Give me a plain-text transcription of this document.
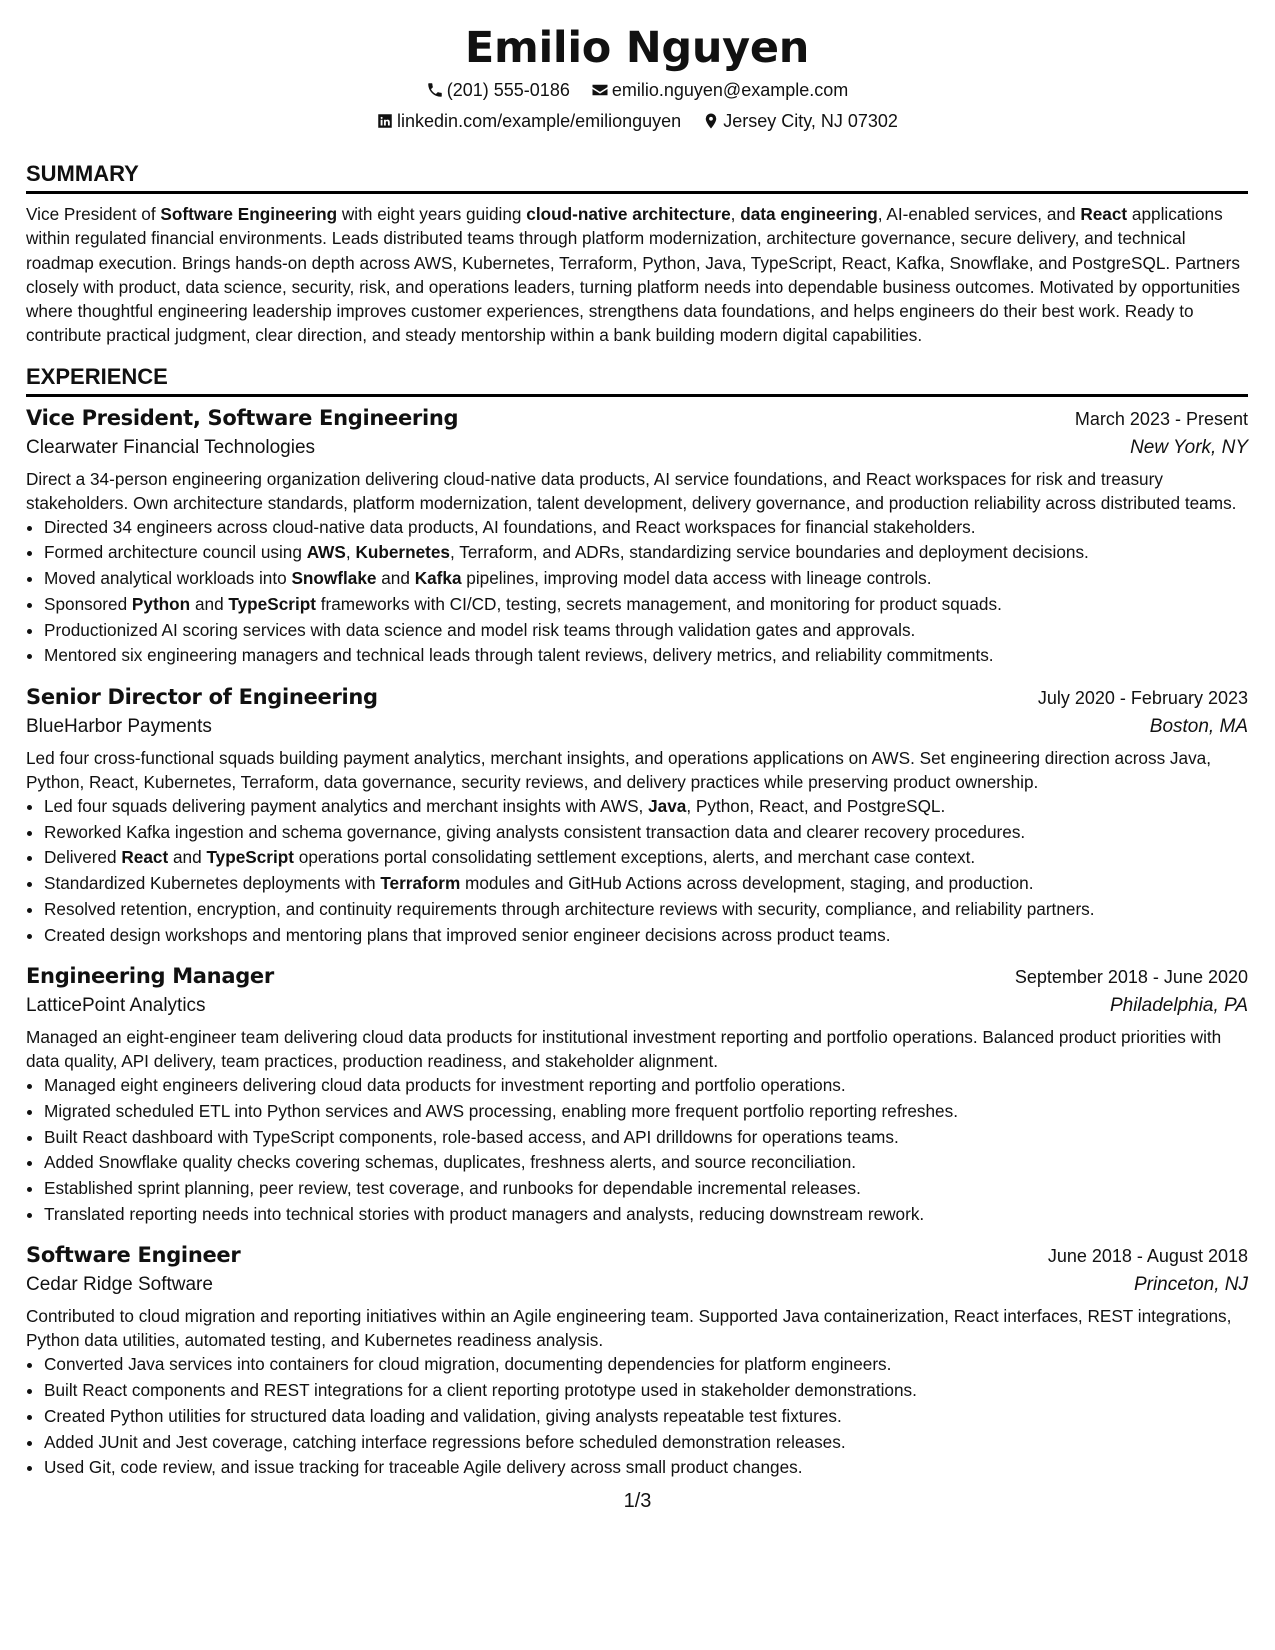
Emilio Nguyen
(201) 555-0186 emilio.nguyen@example.com
linkedin.com/example/emilionguyen Jersey City, NJ 07302
SUMMARY
Vice President of Software Engineering with eight years guiding cloud-native architecture, data engineering, AI-enabled services, and React applications within regulated financial environments. Leads distributed teams through platform modernization, architecture governance, secure delivery, and technical roadmap execution. Brings hands-on depth across AWS, Kubernetes, Terraform, Python, Java, TypeScript, React, Kafka, Snowflake, and PostgreSQL. Partners closely with product, data science, security, risk, and operations leaders, turning platform needs into dependable business outcomes. Motivated by opportunities where thoughtful engineering leadership improves customer experiences, strengthens data foundations, and helps engineers do their best work. Ready to contribute practical judgment, clear direction, and steady mentorship within a bank building modern digital capabilities.
EXPERIENCE
Vice President, Software Engineering	March 2023 - Present
Clearwater Financial Technologies	New York, NY
Direct a 34-person engineering organization delivering cloud-native data products, AI service foundations, and React workspaces for risk and treasury stakeholders. Own architecture standards, platform modernization, talent development, delivery governance, and production reliability across distributed teams.
• Directed 34 engineers across cloud-native data products, AI foundations, and React workspaces for financial stakeholders.
• Formed architecture council using AWS, Kubernetes, Terraform, and ADRs, standardizing service boundaries and deployment decisions.
• Moved analytical workloads into Snowflake and Kafka pipelines, improving model data access with lineage controls.
• Sponsored Python and TypeScript frameworks with CI/CD, testing, secrets management, and monitoring for product squads.
• Productionized AI scoring services with data science and model risk teams through validation gates and approvals.
• Mentored six engineering managers and technical leads through talent reviews, delivery metrics, and reliability commitments.
Senior Director of Engineering	July 2020 - February 2023
BlueHarbor Payments	Boston, MA
Led four cross-functional squads building payment analytics, merchant insights, and operations applications on AWS. Set engineering direction across Java, Python, React, Kubernetes, Terraform, data governance, security reviews, and delivery practices while preserving product ownership.
• Led four squads delivering payment analytics and merchant insights with AWS, Java, Python, React, and PostgreSQL.
• Reworked Kafka ingestion and schema governance, giving analysts consistent transaction data and clearer recovery procedures.
• Delivered React and TypeScript operations portal consolidating settlement exceptions, alerts, and merchant case context.
• Standardized Kubernetes deployments with Terraform modules and GitHub Actions across development, staging, and production.
• Resolved retention, encryption, and continuity requirements through architecture reviews with security, compliance, and reliability partners.
• Created design workshops and mentoring plans that improved senior engineer decisions across product teams.
Engineering Manager	September 2018 - June 2020
LatticePoint Analytics	Philadelphia, PA
Managed an eight-engineer team delivering cloud data products for institutional investment reporting and portfolio operations. Balanced product priorities with data quality, API delivery, team practices, production readiness, and stakeholder alignment.
• Managed eight engineers delivering cloud data products for investment reporting and portfolio operations.
• Migrated scheduled ETL into Python services and AWS processing, enabling more frequent portfolio reporting refreshes.
• Built React dashboard with TypeScript components, role-based access, and API drilldowns for operations teams.
• Added Snowflake quality checks covering schemas, duplicates, freshness alerts, and source reconciliation.
• Established sprint planning, peer review, test coverage, and runbooks for dependable incremental releases.
• Translated reporting needs into technical stories with product managers and analysts, reducing downstream rework.
Software Engineer	June 2018 - August 2018
Cedar Ridge Software	Princeton, NJ
Contributed to cloud migration and reporting initiatives within an Agile engineering team. Supported Java containerization, React interfaces, REST integrations, Python data utilities, automated testing, and Kubernetes readiness analysis.
• Converted Java services into containers for cloud migration, documenting dependencies for platform engineers.
• Built React components and REST integrations for a client reporting prototype used in stakeholder demonstrations.
• Created Python utilities for structured data loading and validation, giving analysts repeatable test fixtures.
• Added JUnit and Jest coverage, catching interface regressions before scheduled demonstration releases.
• Used Git, code review, and issue tracking for traceable Agile delivery across small product changes.
1/3
